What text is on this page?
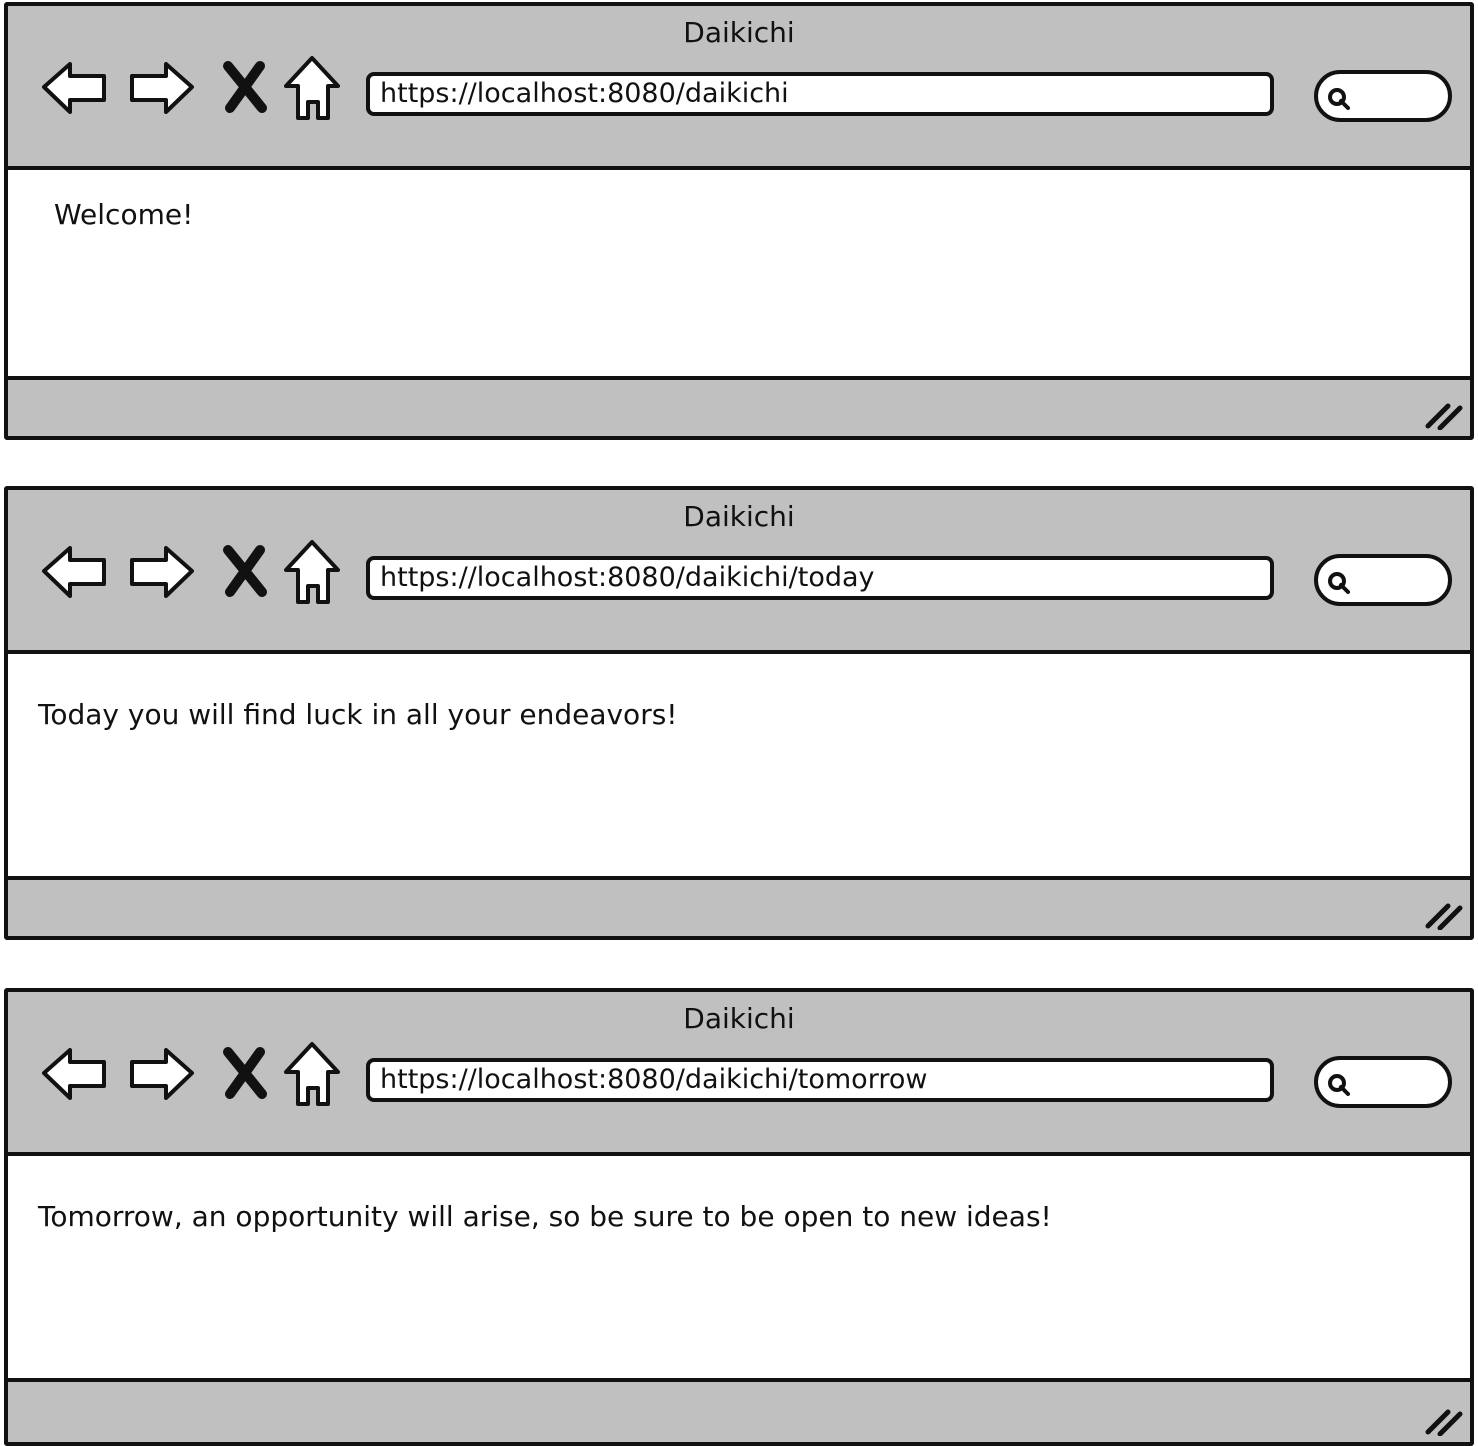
Daikichi
https://localhost:8080/daikichi
Welcome!
Daikichi
https://localhost:8080/daikichi/today
Today you will find luck in all your endeavors!
Daikichi
https://localhost:8080/daikichi/tomorrow
Tomorrow, an opportunity will arise, so be sure to be open to new ideas!
